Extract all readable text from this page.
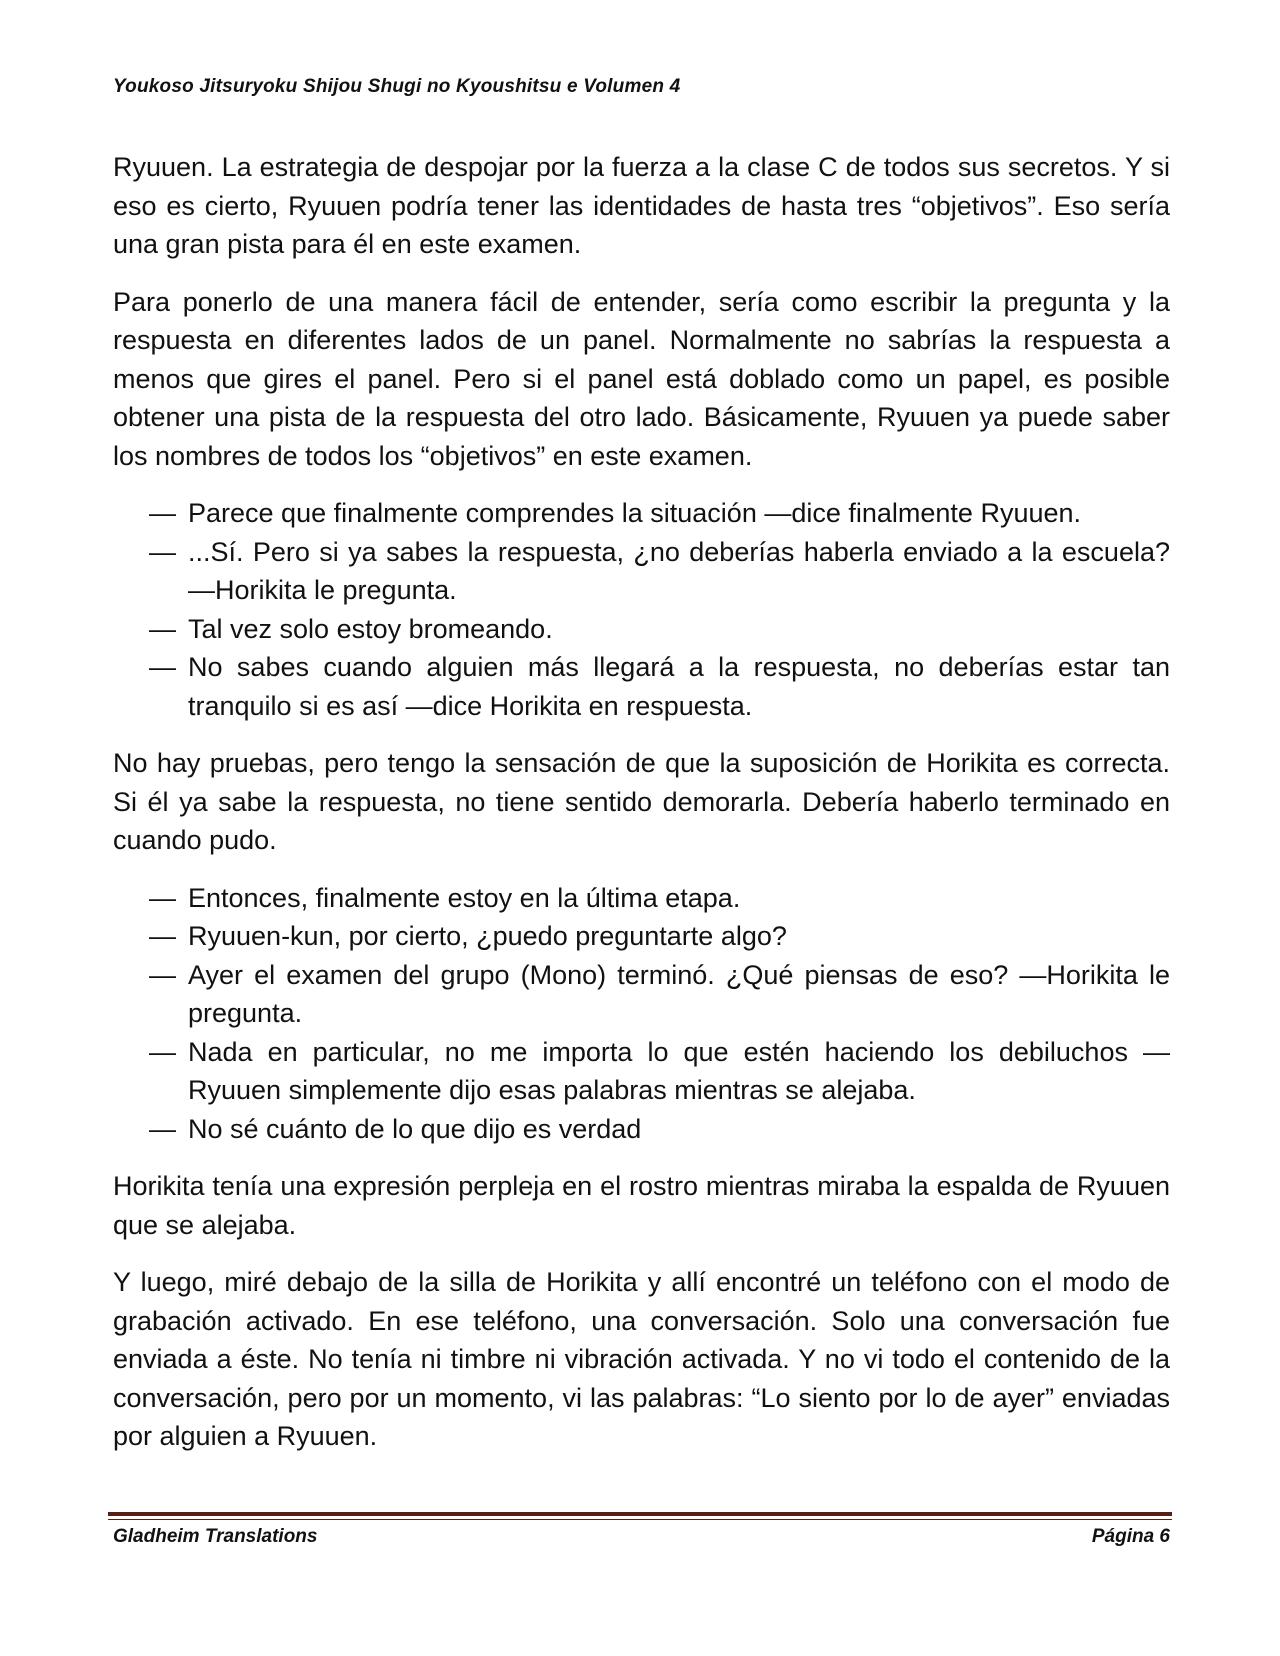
Youkoso Jitsuryoku Shijou Shugi no Kyoushitsu e Volumen 4

Ryuuen. La estrategia de despojar por la fuerza a la clase C de todos sus secretos. Y si eso es cierto, Ryuuen podría tener las identidades de hasta tres “objetivos”. Eso sería una gran pista para él en este examen.

Para ponerlo de una manera fácil de entender, sería como escribir la pregunta y la respuesta en diferentes lados de un panel. Normalmente no sabrías la respuesta a menos que gires el panel. Pero si el panel está doblado como un papel, es posible obtener una pista de la respuesta del otro lado. Básicamente, Ryuuen ya puede saber los nombres de todos los “objetivos” en este examen.

— Parece que finalmente comprendes la situación —dice finalmente Ryuuen.
— ...Sí. Pero si ya sabes la respuesta, ¿no deberías haberla enviado a la escuela? —Horikita le pregunta.
— Tal vez solo estoy bromeando.
— No sabes cuando alguien más llegará a la respuesta, no deberías estar tan tranquilo si es así —dice Horikita en respuesta.

No hay pruebas, pero tengo la sensación de que la suposición de Horikita es correcta. Si él ya sabe la respuesta, no tiene sentido demorarla. Debería haberlo terminado en cuando pudo.

— Entonces, finalmente estoy en la última etapa.
— Ryuuen-kun, por cierto, ¿puedo preguntarte algo?
— Ayer el examen del grupo (Mono) terminó. ¿Qué piensas de eso? —Horikita le pregunta.
— Nada en particular, no me importa lo que estén haciendo los debiluchos —Ryuuen simplemente dijo esas palabras mientras se alejaba.
— No sé cuánto de lo que dijo es verdad

Horikita tenía una expresión perpleja en el rostro mientras miraba la espalda de Ryuuen que se alejaba.

Y luego, miré debajo de la silla de Horikita y allí encontré un teléfono con el modo de grabación activado. En ese teléfono, una conversación. Solo una conversación fue enviada a éste. No tenía ni timbre ni vibración activada. Y no vi todo el contenido de la conversación, pero por un momento, vi las palabras: “Lo siento por lo de ayer” enviadas por alguien a Ryuuen.

Gladheim Translations	Página 6
